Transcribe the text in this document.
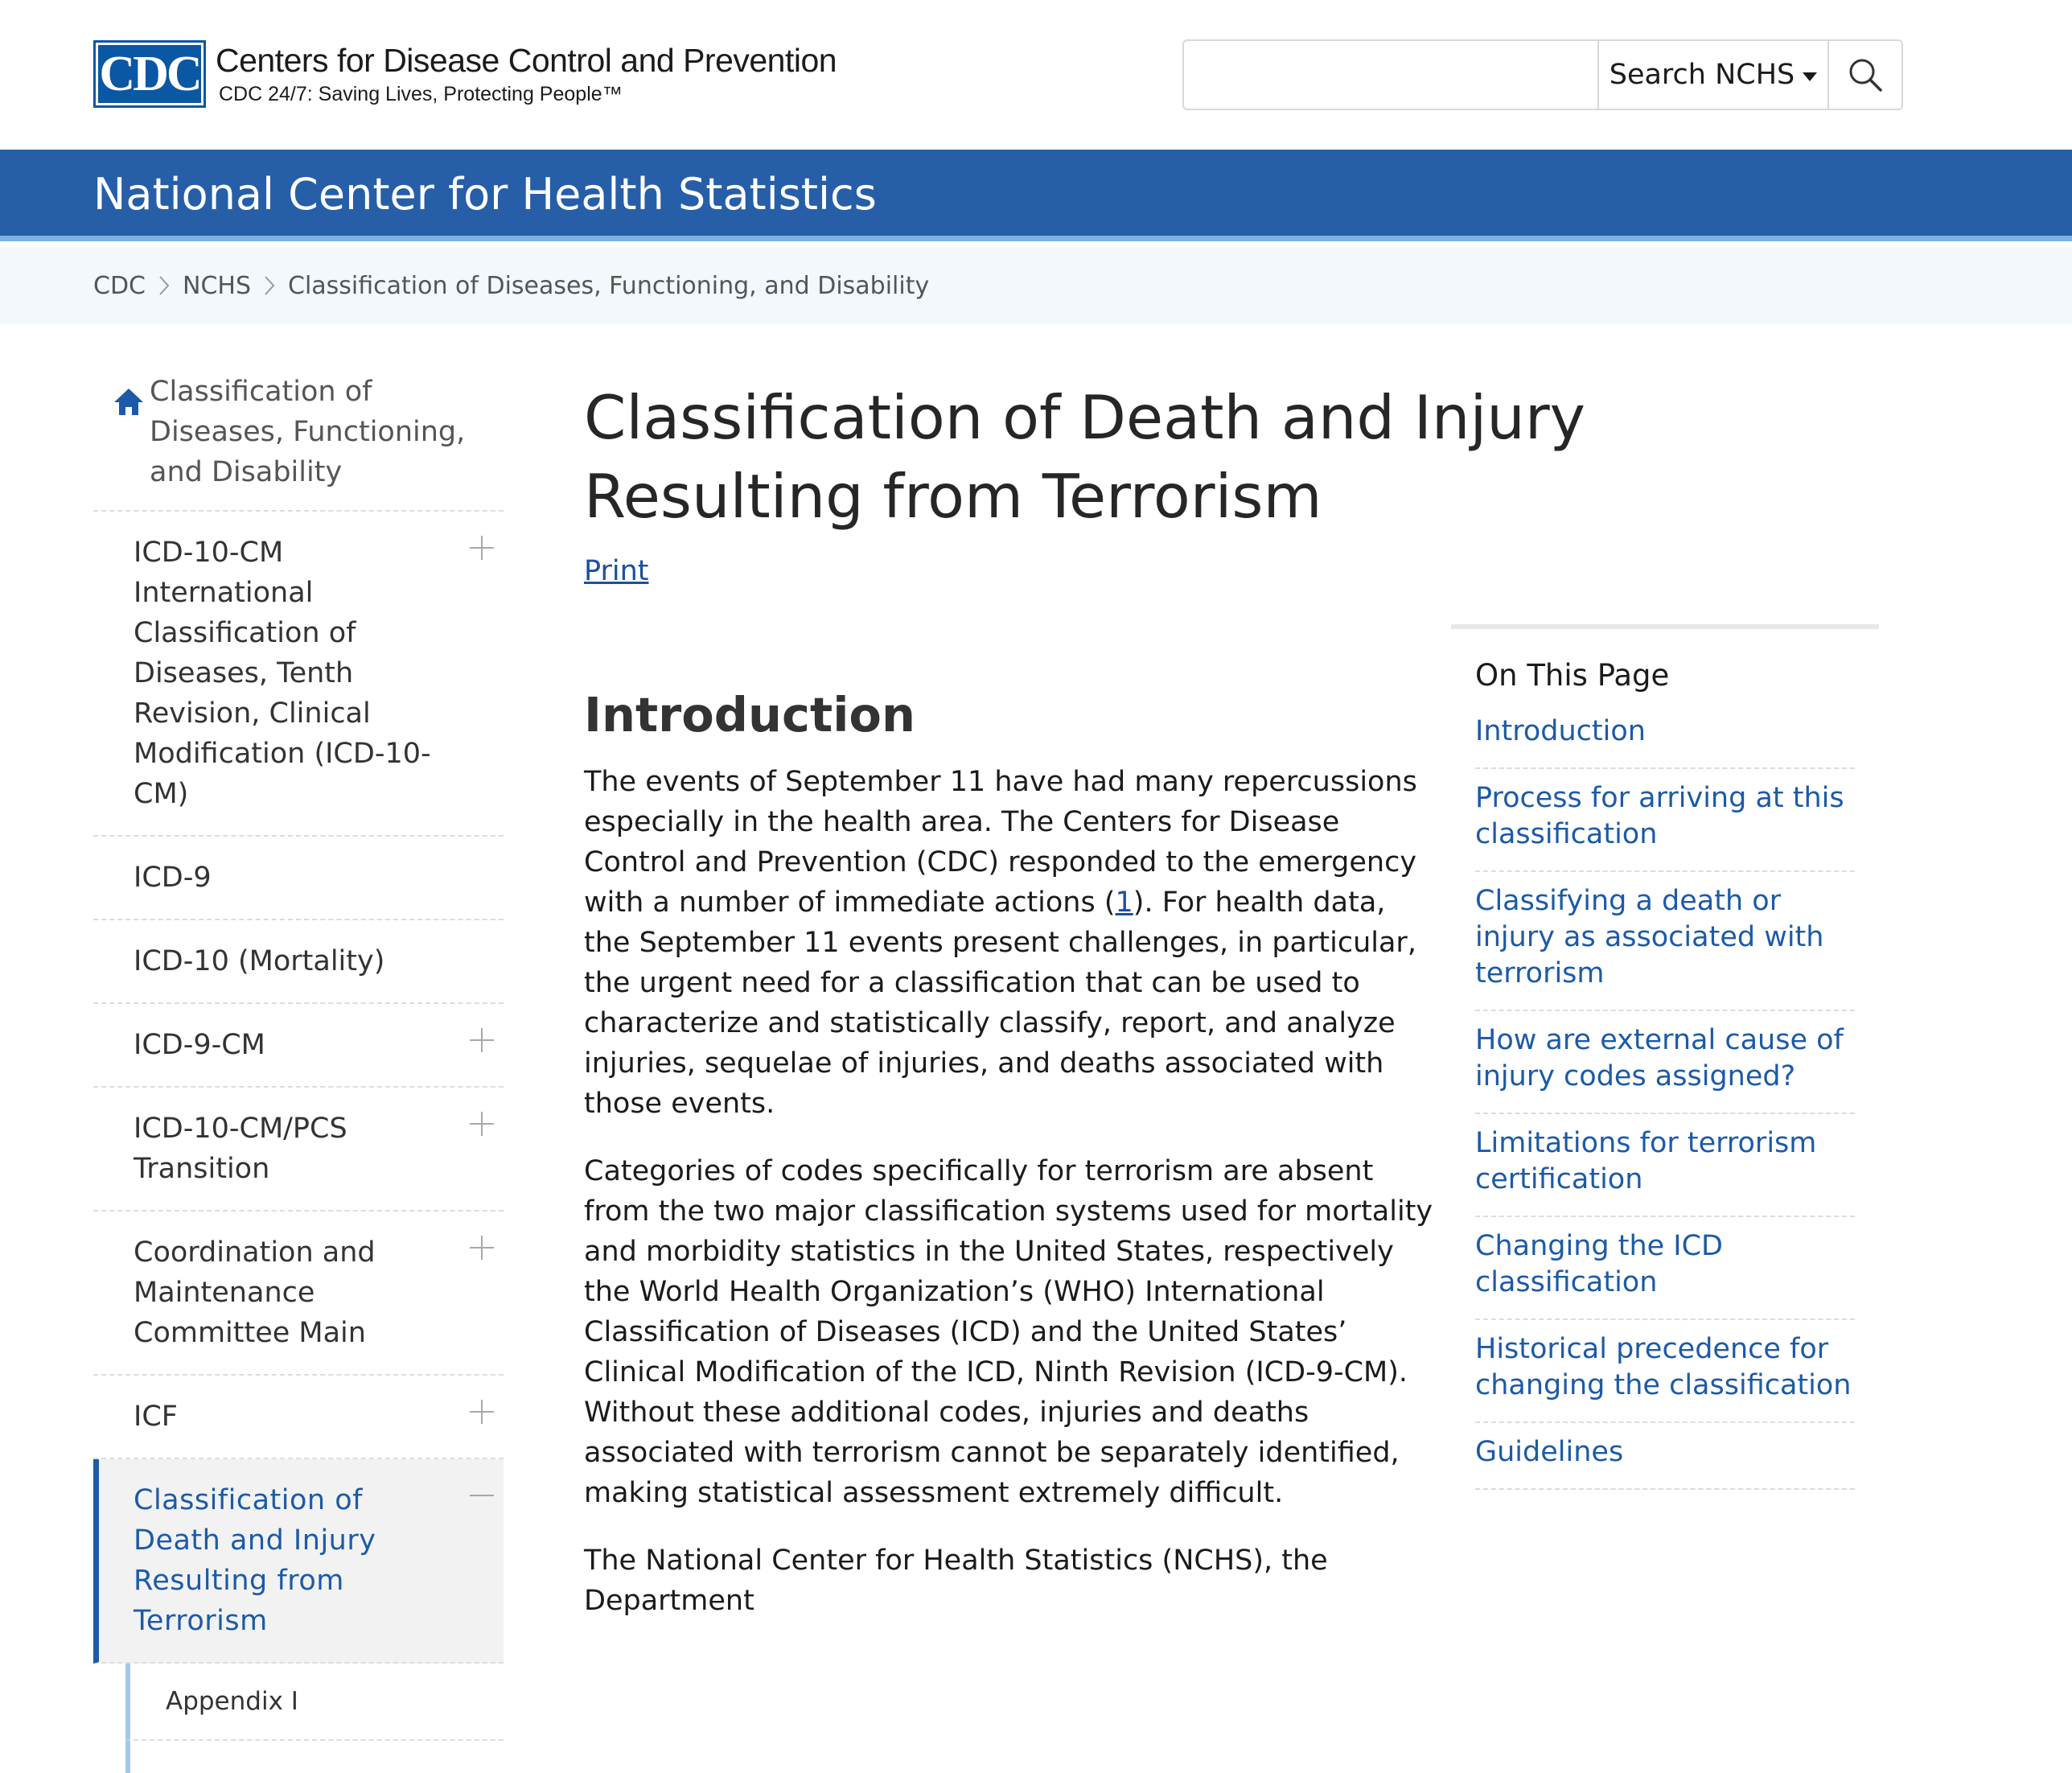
CDC Centers for Disease Control and Prevention
CDC 24/7: Saving Lives, Protecting People™
Search NCHS
National Center for Health Statistics
CDC NCHS Classification of Diseases, Functioning, and Disability
Classification of Diseases, Functioning, and Disability
ICD-10-CM International Classification of Diseases, Tenth Revision, Clinical Modification (ICD-10-CM)
ICD-9
ICD-10 (Mortality)
ICD-9-CM
ICD-10-CM/PCS Transition
Coordination and Maintenance Committee Main
ICF
Classification of Death and Injury Resulting from Terrorism
Appendix I
Classification of Death and Injury Resulting from Terrorism
Print
Introduction

The events of September 11 have had many repercussions especially in the health area. The Centers for Disease Control and Prevention (CDC) responded to the emergency with a number of immediate actions (1). For health data, the September 11 events present challenges, in particular, the urgent need for a classification that can be used to characterize and statistically classify, report, and analyze injuries, sequelae of injuries, and deaths associated with those events.

Categories of codes specifically for terrorism are absent from the two major classification systems used for mortality and morbidity statistics in the United States, respectively the World Health Organization’s (WHO) International Classification of Diseases (ICD) and the United States’ Clinical Modification of the ICD, Ninth Revision (ICD-9-CM). Without these additional codes, injuries and deaths associated with terrorism cannot be separately identified, making statistical assessment extremely difficult.

The National Center for Health Statistics (NCHS), the Department

On This Page
Introduction
Process for arriving at this classification
Classifying a death or injury as associated with terrorism
How are external cause of injury codes assigned?
Limitations for terrorism certification
Changing the ICD classification
Historical precedence for changing the classification
Guidelines
